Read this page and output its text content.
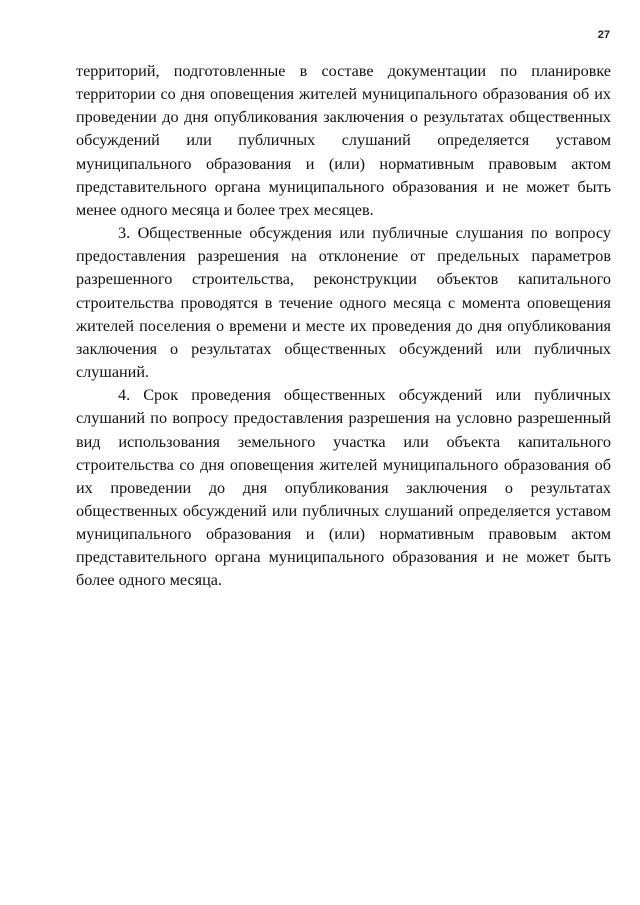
27

территорий, подготовленные в составе документации по планировке территории со дня оповещения жителей муниципального образования об их проведении до дня опубликования заключения о результатах общественных обсуждений или публичных слушаний определяется уставом муниципального образования и (или) нормативным правовым актом представительного органа муниципального образования и не может быть менее одного месяца и более трех месяцев.

3. Общественные обсуждения или публичные слушания по вопросу предоставления разрешения на отклонение от предельных параметров разрешенного строительства, реконструкции объектов капитального строительства проводятся в течение одного месяца с момента оповещения жителей поселения о времени и месте их проведения до дня опубликования заключения о результатах общественных обсуждений или публичных слушаний.

4. Срок проведения общественных обсуждений или публичных слушаний по вопросу предоставления разрешения на условно разрешенный вид использования земельного участка или объекта капитального строительства со дня оповещения жителей муниципального образования об их проведении до дня опубликования заключения о результатах общественных обсуждений или публичных слушаний определяется уставом муниципального образования и (или) нормативным правовым актом представительного органа муниципального образования и не может быть более одного месяца.
